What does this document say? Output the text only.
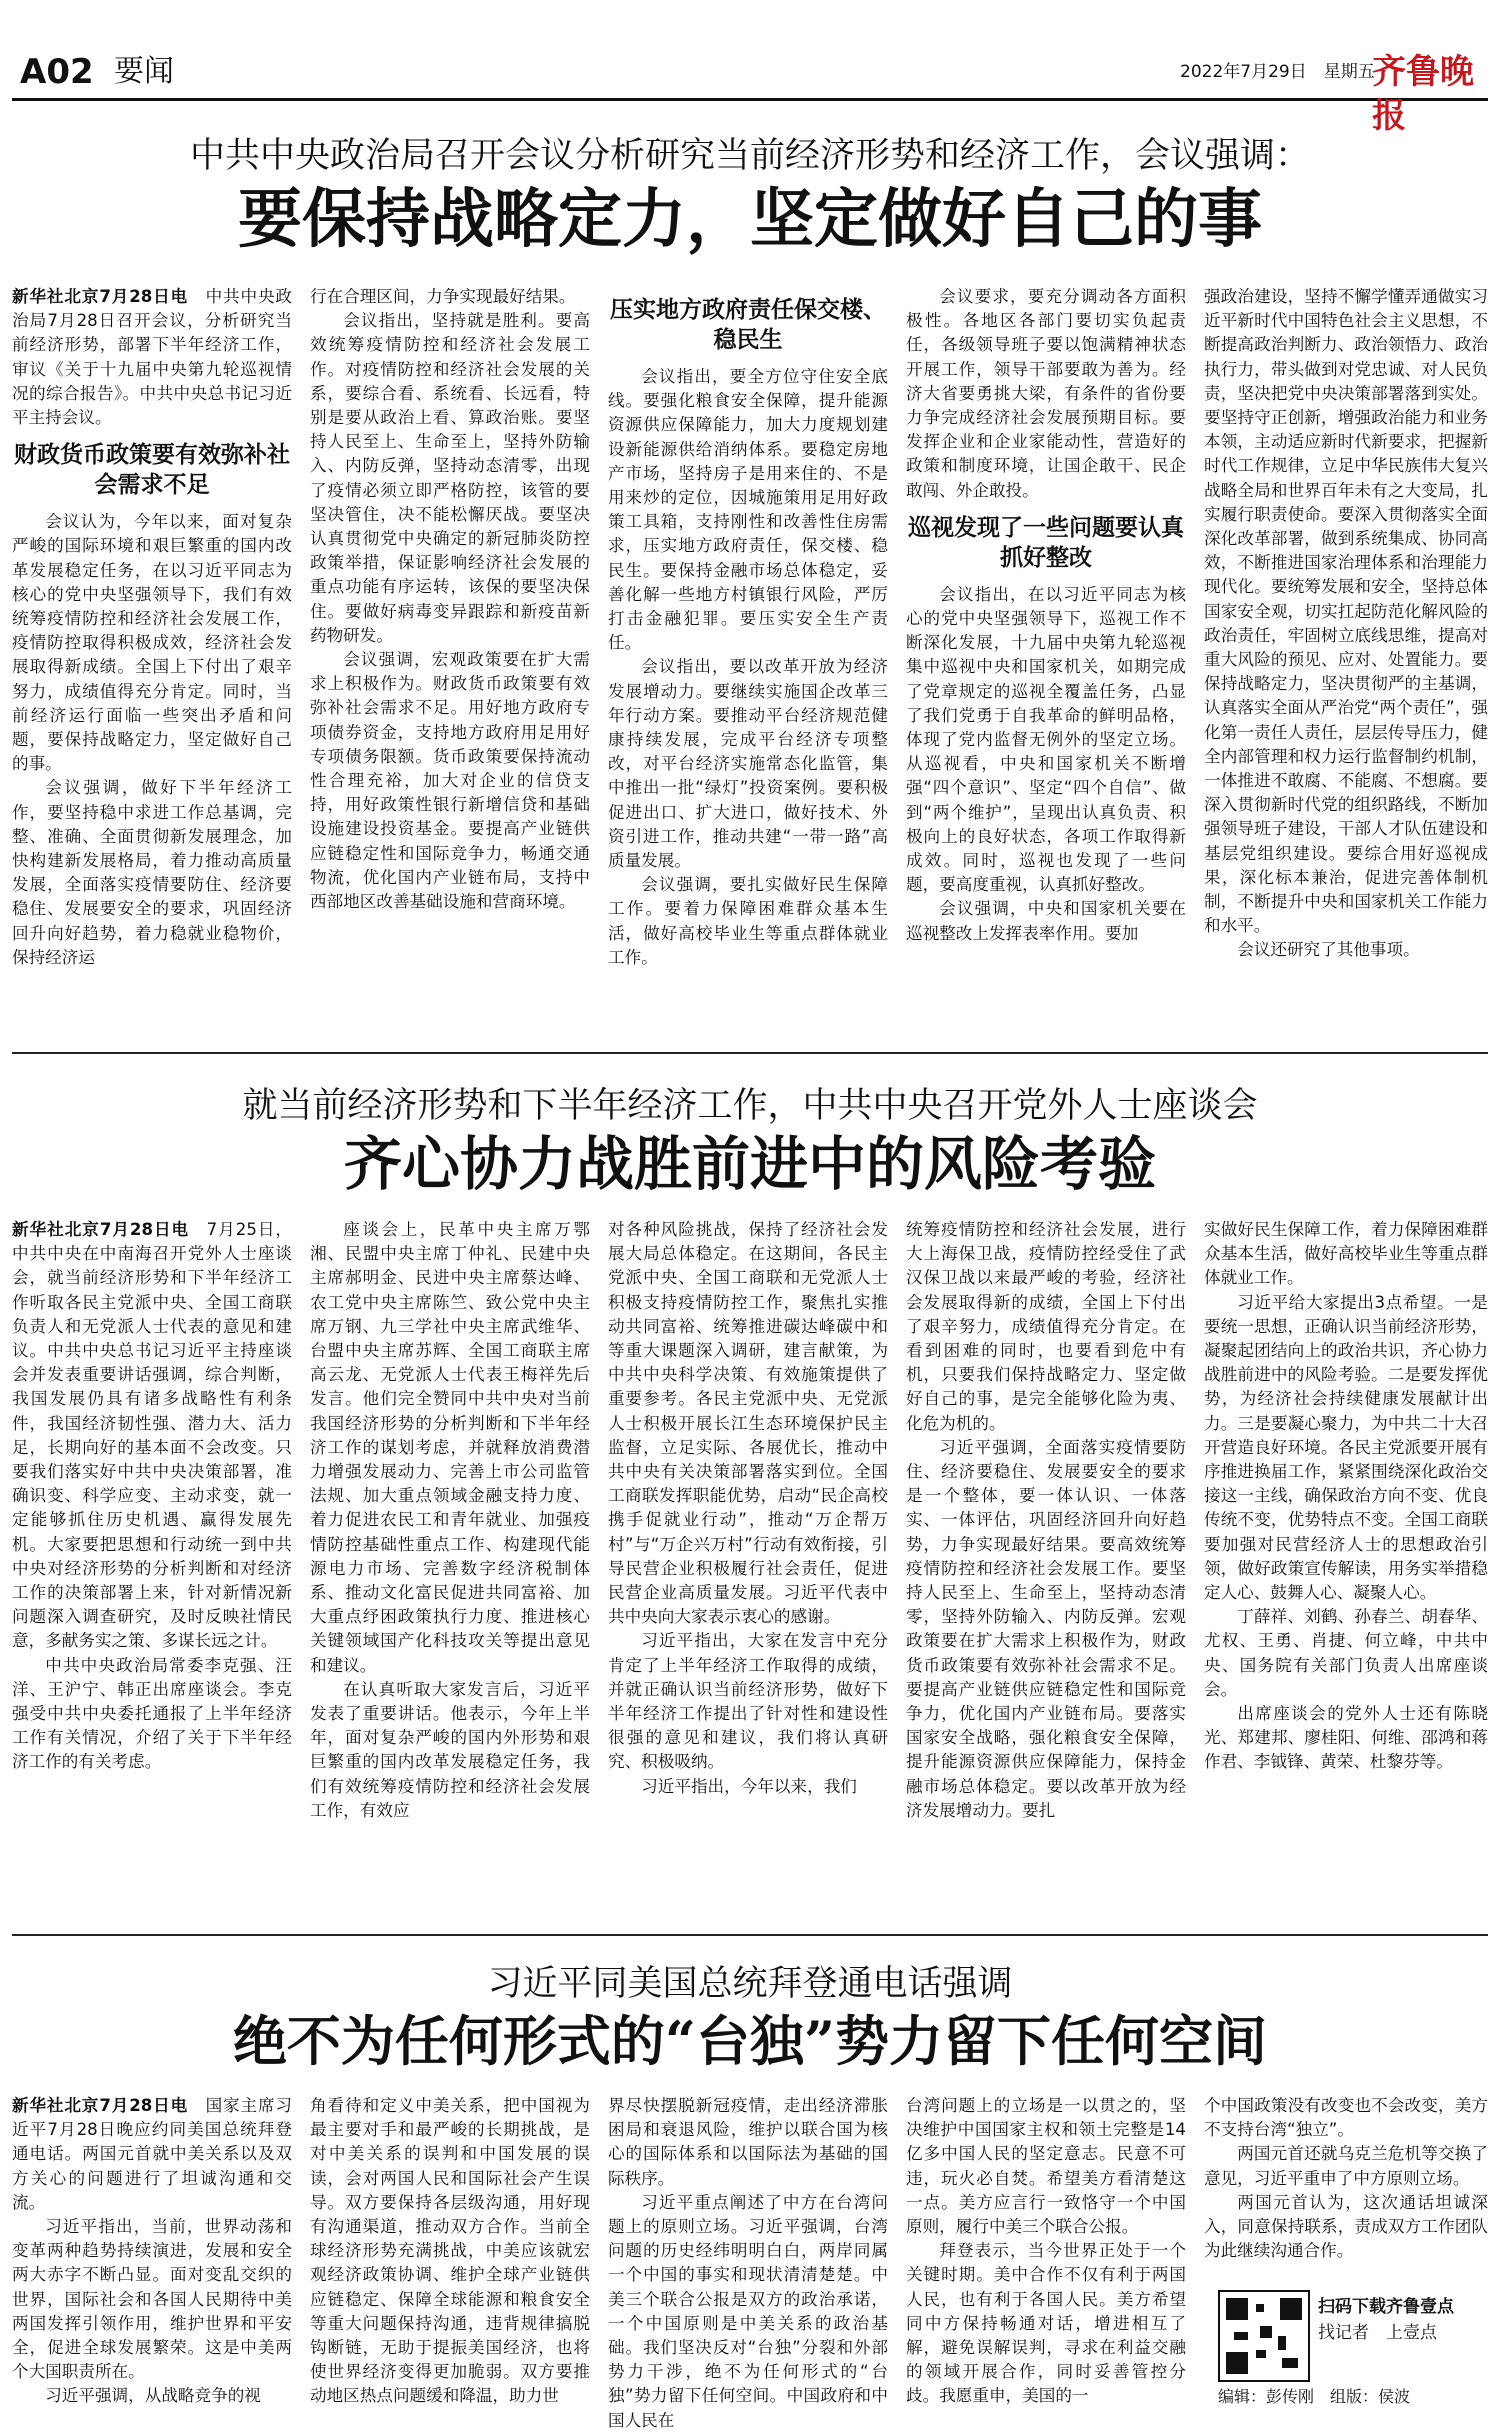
A02 要闻	2022年7月29日　星期五
齐鲁晚报
中共中央政治局召开会议分析研究当前经济形势和经济工作，会议强调：
要保持战略定力，坚定做好自己的事

新华社北京7月28日电　 中共中央政治局7月28日召开会议，分析研究当前经济形势，部署下半年经济工作，审议《关于十九届中央第九轮巡视情况的综合报告》。中共中央总书记习近平主持会议。

财政货币政策要有效弥补社会需求不足

会议认为，今年以来，面对复杂严峻的国际环境和艰巨繁重的国内改革发展稳定任务，在以习近平同志为核心的党中央坚强领导下，我们有效统筹疫情防控和经济社会发展工作，疫情防控取得积极成效，经济社会发展取得新成绩。全国上下付出了艰辛努力，成绩值得充分肯定。同时，当前经济运行面临一些突出矛盾和问题，要保持战略定力，坚定做好自己的事。

会议强调，做好下半年经济工作，要坚持稳中求进工作总基调，完整、准确、全面贯彻新发展理念，加快构建新发展格局，着力推动高质量发展，全面落实疫情要防住、经济要稳住、发展要安全的要求，巩固经济回升向好趋势，着力稳就业稳物价，保持经济运

行在合理区间，力争实现最好结果。

会议指出，坚持就是胜利。要高效统筹疫情防控和经济社会发展工作。对疫情防控和经济社会发展的关系，要综合看、系统看、长远看，特别是要从政治上看、算政治账。要坚持人民至上、生命至上，坚持外防输入、内防反弹，坚持动态清零，出现了疫情必须立即严格防控，该管的要坚决管住，决不能松懈厌战。要坚决认真贯彻党中央确定的新冠肺炎防控政策举措，保证影响经济社会发展的重点功能有序运转，该保的要坚决保住。要做好病毒变异跟踪和新疫苗新药物研发。

会议强调，宏观政策要在扩大需求上积极作为。财政货币政策要有效弥补社会需求不足。用好地方政府专项债券资金，支持地方政府用足用好专项债务限额。货币政策要保持流动性合理充裕，加大对企业的信贷支持，用好政策性银行新增信贷和基础设施建设投资基金。要提高产业链供应链稳定性和国际竞争力，畅通交通物流，优化国内产业链布局，支持中西部地区改善基础设施和营商环境。

压实地方政府责任保交楼、稳民生

会议指出，要全方位守住安全底线。要强化粮食安全保障，提升能源资源供应保障能力，加大力度规划建设新能源供给消纳体系。要稳定房地产市场，坚持房子是用来住的、不是用来炒的定位，因城施策用足用好政策工具箱，支持刚性和改善性住房需求，压实地方政府责任，保交楼、稳民生。要保持金融市场总体稳定，妥善化解一些地方村镇银行风险，严厉打击金融犯罪。要压实安全生产责任。

会议指出，要以改革开放为经济发展增动力。要继续实施国企改革三年行动方案。要推动平台经济规范健康持续发展，完成平台经济专项整改，对平台经济实施常态化监管，集中推出一批“绿灯”投资案例。要积极促进出口、扩大进口，做好技术、外资引进工作，推动共建“一带一路”高质量发展。

会议强调，要扎实做好民生保障工作。要着力保障困难群众基本生活，做好高校毕业生等重点群体就业工作。

会议要求，要充分调动各方面积极性。各地区各部门要切实负起责任，各级领导班子要以饱满精神状态开展工作，领导干部要敢为善为。经济大省要勇挑大梁，有条件的省份要力争完成经济社会发展预期目标。要发挥企业和企业家能动性，营造好的政策和制度环境，让国企敢干、民企敢闯、外企敢投。

巡视发现了一些问题要认真抓好整改

会议指出，在以习近平同志为核心的党中央坚强领导下，巡视工作不断深化发展，十九届中央第九轮巡视集中巡视中央和国家机关，如期完成了党章规定的巡视全覆盖任务，凸显了我们党勇于自我革命的鲜明品格，体现了党内监督无例外的坚定立场。从巡视看，中央和国家机关不断增强“四个意识”、坚定“四个自信”、做到“两个维护”，呈现出认真负责、积极向上的良好状态，各项工作取得新成效。同时，巡视也发现了一些问题，要高度重视，认真抓好整改。

会议强调，中央和国家机关要在巡视整改上发挥表率作用。要加

强政治建设，坚持不懈学懂弄通做实习近平新时代中国特色社会主义思想，不断提高政治判断力、政治领悟力、政治执行力，带头做到对党忠诚、对人民负责，坚决把党中央决策部署落到实处。要坚持守正创新，增强政治能力和业务本领，主动适应新时代新要求，把握新时代工作规律，立足中华民族伟大复兴战略全局和世界百年未有之大变局，扎实履行职责使命。要深入贯彻落实全面深化改革部署，做到系统集成、协同高效，不断推进国家治理体系和治理能力现代化。要统筹发展和安全，坚持总体国家安全观，切实扛起防范化解风险的政治责任，牢固树立底线思维，提高对重大风险的预见、应对、处置能力。要保持战略定力，坚决贯彻严的主基调，认真落实全面从严治党“两个责任”，强化第一责任人责任，层层传导压力，健全内部管理和权力运行监督制约机制，一体推进不敢腐、不能腐、不想腐。要深入贯彻新时代党的组织路线，不断加强领导班子建设，干部人才队伍建设和基层党组织建设。要综合用好巡视成果，深化标本兼治，促进完善体制机制，不断提升中央和国家机关工作能力和水平。

会议还研究了其他事项。

就当前经济形势和下半年经济工作，中共中央召开党外人士座谈会
齐心协力战胜前进中的风险考验

新华社北京7月28日电　 7月25日，中共中央在中南海召开党外人士座谈会，就当前经济形势和下半年经济工作听取各民主党派中央、全国工商联负责人和无党派人士代表的意见和建议。中共中央总书记习近平主持座谈会并发表重要讲话强调，综合判断，我国发展仍具有诸多战略性有利条件，我国经济韧性强、潜力大、活力足，长期向好的基本面不会改变。只要我们落实好中共中央决策部署，准确识变、科学应变、主动求变，就一定能够抓住历史机遇、赢得发展先机。大家要把思想和行动统一到中共中央对经济形势的分析判断和对经济工作的决策部署上来，针对新情况新问题深入调查研究，及时反映社情民意，多献务实之策、多谋长远之计。

中共中央政治局常委李克强、汪洋、王沪宁、韩正出席座谈会。李克强受中共中央委托通报了上半年经济工作有关情况，介绍了关于下半年经济工作的有关考虑。

座谈会上，民革中央主席万鄂湘、民盟中央主席丁仲礼、民建中央主席郝明金、民进中央主席蔡达峰、农工党中央主席陈竺、致公党中央主席万钢、九三学社中央主席武维华、台盟中央主席苏辉、全国工商联主席高云龙、无党派人士代表王梅祥先后发言。他们完全赞同中共中央对当前我国经济形势的分析判断和下半年经济工作的谋划考虑，并就释放消费潜力增强发展动力、完善上市公司监管法规、加大重点领域金融支持力度、着力促进农民工和青年就业、加强疫情防控基础性重点工作、构建现代能源电力市场、完善数字经济税制体系、推动文化富民促进共同富裕、加大重点纾困政策执行力度、推进核心关键领域国产化科技攻关等提出意见和建议。

在认真听取大家发言后，习近平发表了重要讲话。他表示，今年上半年，面对复杂严峻的国内外形势和艰巨繁重的国内改革发展稳定任务，我们有效统筹疫情防控和经济社会发展工作，有效应

对各种风险挑战，保持了经济社会发展大局总体稳定。在这期间，各民主党派中央、全国工商联和无党派人士积极支持疫情防控工作，聚焦扎实推动共同富裕、统筹推进碳达峰碳中和等重大课题深入调研，建言献策，为中共中央科学决策、有效施策提供了重要参考。各民主党派中央、无党派人士积极开展长江生态环境保护民主监督，立足实际、各展优长，推动中共中央有关决策部署落实到位。全国工商联发挥职能优势，启动“民企高校携手促就业行动”，推动“万企帮万村”与“万企兴万村”行动有效衔接，引导民营企业积极履行社会责任，促进民营企业高质量发展。习近平代表中共中央向大家表示衷心的感谢。

习近平指出，大家在发言中充分肯定了上半年经济工作取得的成绩，并就正确认识当前经济形势，做好下半年经济工作提出了针对性和建设性很强的意见和建议，我们将认真研究、积极吸纳。

习近平指出，今年以来，我们

统筹疫情防控和经济社会发展，进行大上海保卫战，疫情防控经受住了武汉保卫战以来最严峻的考验，经济社会发展取得新的成绩，全国上下付出了艰辛努力，成绩值得充分肯定。在看到困难的同时，也要看到危中有机，只要我们保持战略定力、坚定做好自己的事，是完全能够化险为夷、化危为机的。

习近平强调，全面落实疫情要防住、经济要稳住、发展要安全的要求是一个整体，要一体认识、一体落实、一体评估，巩固经济回升向好趋势，力争实现最好结果。要高效统筹疫情防控和经济社会发展工作。要坚持人民至上、生命至上，坚持动态清零，坚持外防输入、内防反弹。宏观政策要在扩大需求上积极作为，财政货币政策要有效弥补社会需求不足。要提高产业链供应链稳定性和国际竞争力，优化国内产业链布局。要落实国家安全战略，强化粮食安全保障，提升能源资源供应保障能力，保持金融市场总体稳定。要以改革开放为经济发展增动力。要扎

实做好民生保障工作，着力保障困难群众基本生活，做好高校毕业生等重点群体就业工作。

习近平给大家提出3点希望。一是要统一思想，正确认识当前经济形势，凝聚起团结向上的政治共识，齐心协力战胜前进中的风险考验。二是要发挥优势，为经济社会持续健康发展献计出力。三是要凝心聚力，为中共二十大召开营造良好环境。各民主党派要开展有序推进换届工作，紧紧围绕深化政治交接这一主线，确保政治方向不变、优良传统不变，优势特点不变。全国工商联要加强对民营经济人士的思想政治引领，做好政策宣传解读，用务实举措稳定人心、鼓舞人心、凝聚人心。

丁薛祥、刘鹤、孙春兰、胡春华、尤权、王勇、肖捷、何立峰，中共中央、国务院有关部门负责人出席座谈会。

出席座谈会的党外人士还有陈晓光、郑建邦、廖桂阳、何维、邵鸿和蒋作君、李钺锋、黄荣、杜黎芬等。

习近平同美国总统拜登通电话强调
绝不为任何形式的“台独”势力留下任何空间

新华社北京7月28日电　 国家主席习近平7月28日晚应约同美国总统拜登通电话。两国元首就中美关系以及双方关心的问题进行了坦诚沟通和交流。

习近平指出，当前，世界动荡和变革两种趋势持续演进，发展和安全两大赤字不断凸显。面对变乱交织的世界，国际社会和各国人民期待中美两国发挥引领作用，维护世界和平安全，促进全球发展繁荣。这是中美两个大国职责所在。

习近平强调，从战略竞争的视

角看待和定义中美关系，把中国视为最主要对手和最严峻的长期挑战，是对中美关系的误判和中国发展的误读，会对两国人民和国际社会产生误导。双方要保持各层级沟通，用好现有沟通渠道，推动双方合作。当前全球经济形势充满挑战，中美应该就宏观经济政策协调、维护全球产业链供应链稳定、保障全球能源和粮食安全等重大问题保持沟通，违背规律搞脱钩断链，无助于提振美国经济，也将使世界经济变得更加脆弱。双方要推动地区热点问题缓和降温，助力世

界尽快摆脱新冠疫情，走出经济滞胀困局和衰退风险，维护以联合国为核心的国际体系和以国际法为基础的国际秩序。

习近平重点阐述了中方在台湾问题上的原则立场。习近平强调，台湾问题的历史经纬明明白白，两岸同属一个中国的事实和现状清清楚楚。中美三个联合公报是双方的政治承诺，一个中国原则是中美关系的政治基础。我们坚决反对“台独”分裂和外部势力干涉，绝不为任何形式的“台独”势力留下任何空间。中国政府和中国人民在

台湾问题上的立场是一以贯之的，坚决维护中国国家主权和领土完整是14亿多中国人民的坚定意志。民意不可违，玩火必自焚。希望美方看清楚这一点。美方应言行一致恪守一个中国原则，履行中美三个联合公报。

拜登表示，当今世界正处于一个关键时期。美中合作不仅有利于两国人民，也有利于各国人民。美方希望同中方保持畅通对话，增进相互了解，避免误解误判，寻求在利益交融的领域开展合作，同时妥善管控分歧。我愿重申，美国的一

个中国政策没有改变也不会改变，美方不支持台湾“独立”。

两国元首还就乌克兰危机等交换了意见，习近平重申了中方原则立场。

两国元首认为，这次通话坦诚深入，同意保持联系，责成双方工作团队为此继续沟通合作。

扫码下载齐鲁壹点
找记者　上壹点
编辑：彭传刚　组版：侯波
